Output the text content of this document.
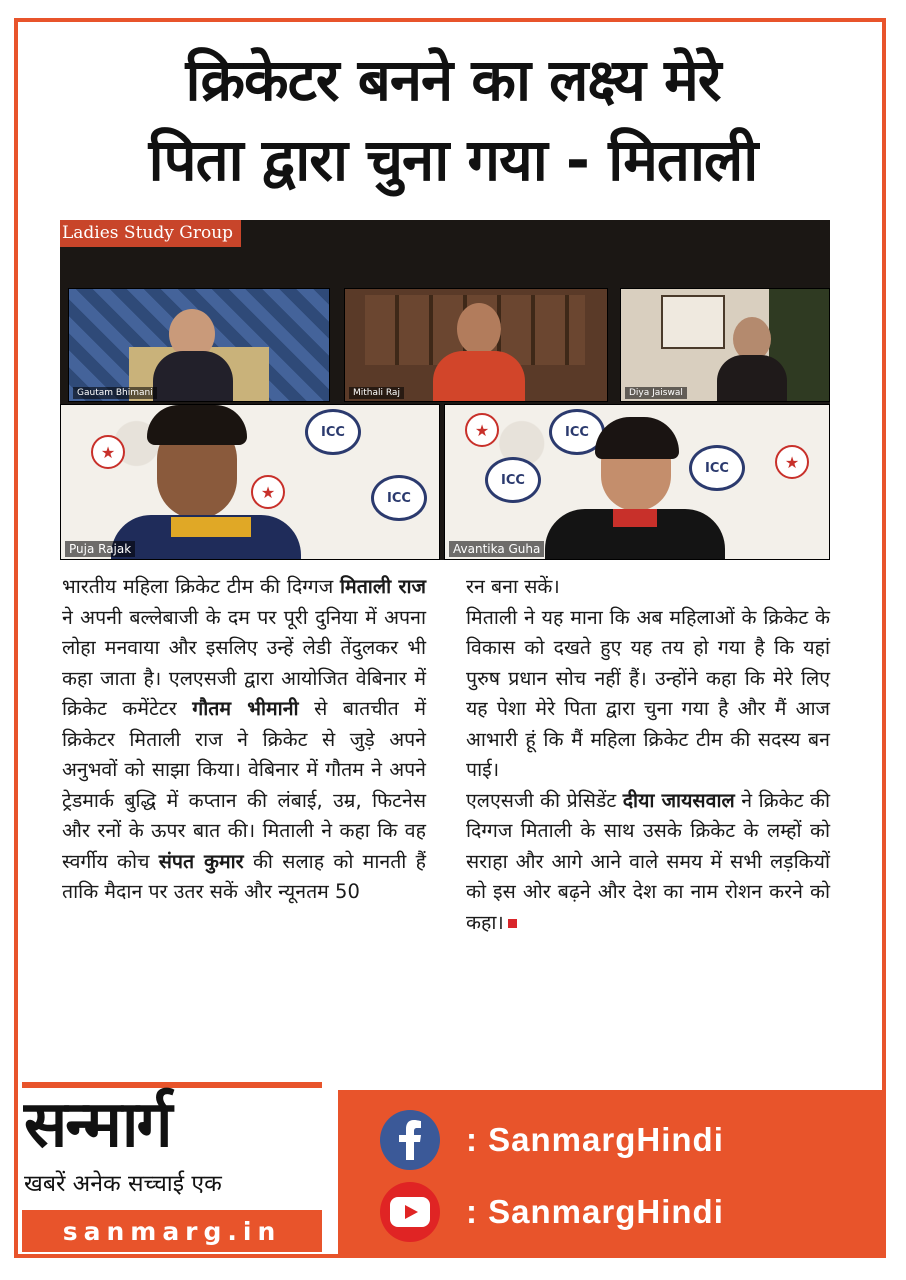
क्रिकेटर बनने का लक्ष्य मेरे
पिता द्वारा चुना गया - मिताली
Ladies Study Group
Gautam Bhimani	Mithali Raj	Diya Jaiswal
ICC
ICC
★
★
Puja Rajak
ICC
ICC
ICC
★
★
Avantika Guha

भारतीय महिला क्रिकेट टीम की दिग्गज मिताली राज ने अपनी बल्लेबाजी के दम पर पूरी दुनिया में अपना लोहा मनवाया और इसलिए उन्हें लेडी तेंदुलकर भी कहा जाता है। एलएसजी द्वारा आयोजित वेबिनार में क्रिकेट कमेंटेटर गौतम भीमानी से बातचीत में क्रिकेटर मिताली राज ने क्रिकेट से जुड़े अपने अनुभवों को साझा किया। वेबिनार में गौतम ने अपने ट्रेडमार्क बुद्धि में कप्तान की लंबाई, उम्र, फिटनेस और रनों के ऊपर बात की। मिताली ने कहा कि वह स्वर्गीय कोच संपत कुमार की सलाह को मानती हैं ताकि मैदान पर उतर सकें और न्यूनतम 50

रन बना सकें।

मिताली ने यह माना कि अब महिलाओं के क्रिकेट के विकास को दखते हुए यह तय हो गया है कि यहां पुरुष प्रधान सोच नहीं हैं। उन्होंने कहा कि मेरे लिए यह पेशा मेरे पिता द्वारा चुना गया है और मैं आज आभारी हूं कि मैं महिला क्रिकेट टीम की सदस्य बन पाई।

एलएसजी की प्रेसिडेंट दीया जायसवाल ने क्रिकेट की दिग्गज मिताली के साथ उसके क्रिकेट के लम्हों को सराहा और आगे आने वाले समय में सभी लड़कियों को इस ओर बढ़ने और देश का नाम रोशन करने को कहा।

सन्मार्ग
खबरें अनेक सच्चाई एक
sanmarg.in
: SanmargHindi
: SanmargHindi
